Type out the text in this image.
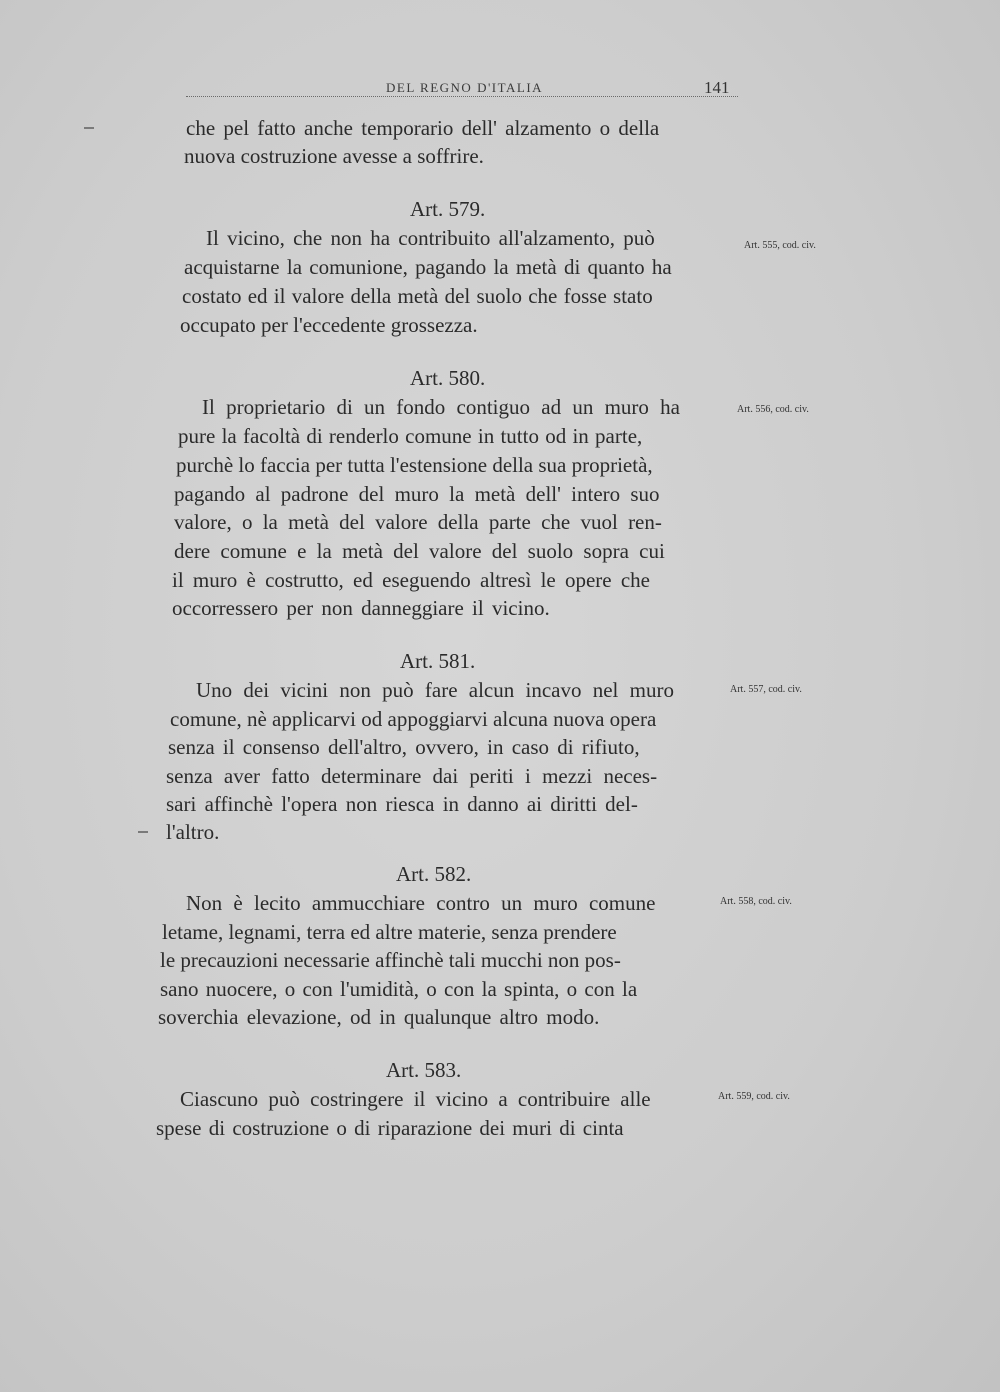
DEL REGNO D'ITALIA	141
che pel fatto anche temporario dell' alzamento o della
nuova costruzione avesse a soffrire.
Art. 579.
Art. 555, cod. civ.
Il vicino, che non ha contribuito all'alzamento, può
acquistarne la comunione, pagando la metà di quanto ha
costato ed il valore della metà del suolo che fosse stato
occupato per l'eccedente grossezza.
Art. 580.
Art. 556, cod. civ.
Il proprietario di un fondo contiguo ad un muro ha
pure la facoltà di renderlo comune in tutto od in parte,
purchè lo faccia per tutta l'estensione della sua proprietà,
pagando al padrone del muro la metà dell' intero suo
valore, o la metà del valore della parte che vuol ren-
dere comune e la metà del valore del suolo sopra cui
il muro è costrutto, ed eseguendo altresì le opere che
occorressero per non danneggiare il vicino.
Art. 581.
Art. 557, cod. civ.
Uno dei vicini non può fare alcun incavo nel muro
comune, nè applicarvi od appoggiarvi alcuna nuova opera
senza il consenso dell'altro, ovvero, in caso di rifiuto,
senza aver fatto determinare dai periti i mezzi neces-
sari affinchè l'opera non riesca in danno ai diritti del-
l'altro.
Art. 582.
Art. 558, cod. civ.
Non è lecito ammucchiare contro un muro comune
letame, legnami, terra ed altre materie, senza prendere
le precauzioni necessarie affinchè tali mucchi non pos-
sano nuocere, o con l'umidità, o con la spinta, o con la
soverchia elevazione, od in qualunque altro modo.
Art. 583.
Art. 559, cod. civ.
Ciascuno può costringere il vicino a contribuire alle
spese di costruzione o di riparazione dei muri di cinta
